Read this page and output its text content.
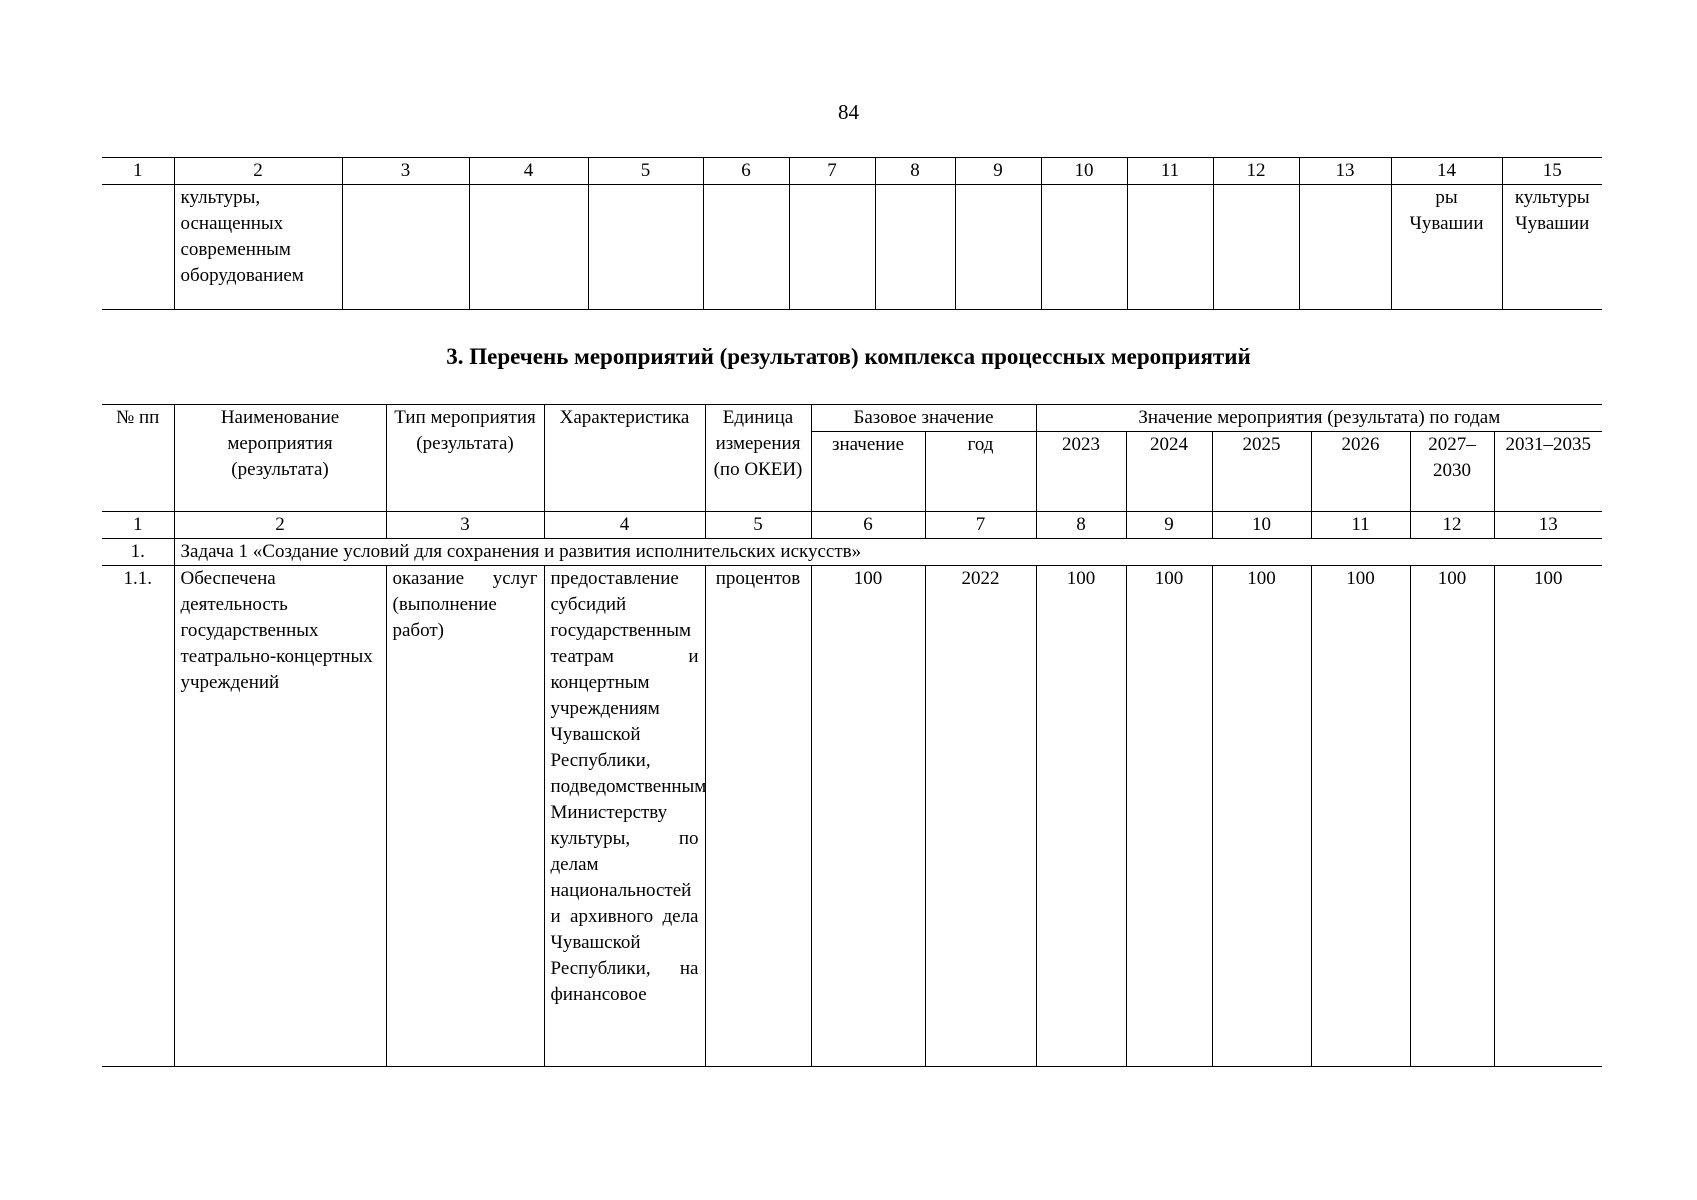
84
1	2	3	4	5	6	7	8	9	10	11	12	13	14	15
	культуры, оснащенных современным оборудованием												ры Чувашии	культуры Чувашии
3. Перечень мероприятий (результатов) комплекса процессных мероприятий
№ пп	Наименование мероприятия (результата)	Тип мероприятия (результата)	Характеристика	Единица измерения (по ОКЕИ)	Базовое значение		Значение мероприятия (результата) по годам					
					значение	год	2023	2024	2025	2026	2027–2030	2031–2035
1	2	3	4	5	6	7	8	9	10	11	12	13
1.	Задача 1 «Создание условий для сохранения и развития исполнительских искусств»											
1.1.	Обеспечена деятельность государственных театрально-концертных учреждений	оказание услуг (выполнение работ)	предоставление субсидий государственным театрам и концертным учреждениям Чувашской Республики, подведомственным Министерству культуры, по делам национальностей и архивного дела Чувашской Республики, на финансовое	процентов	100	2022	100	100	100	100	100	100
